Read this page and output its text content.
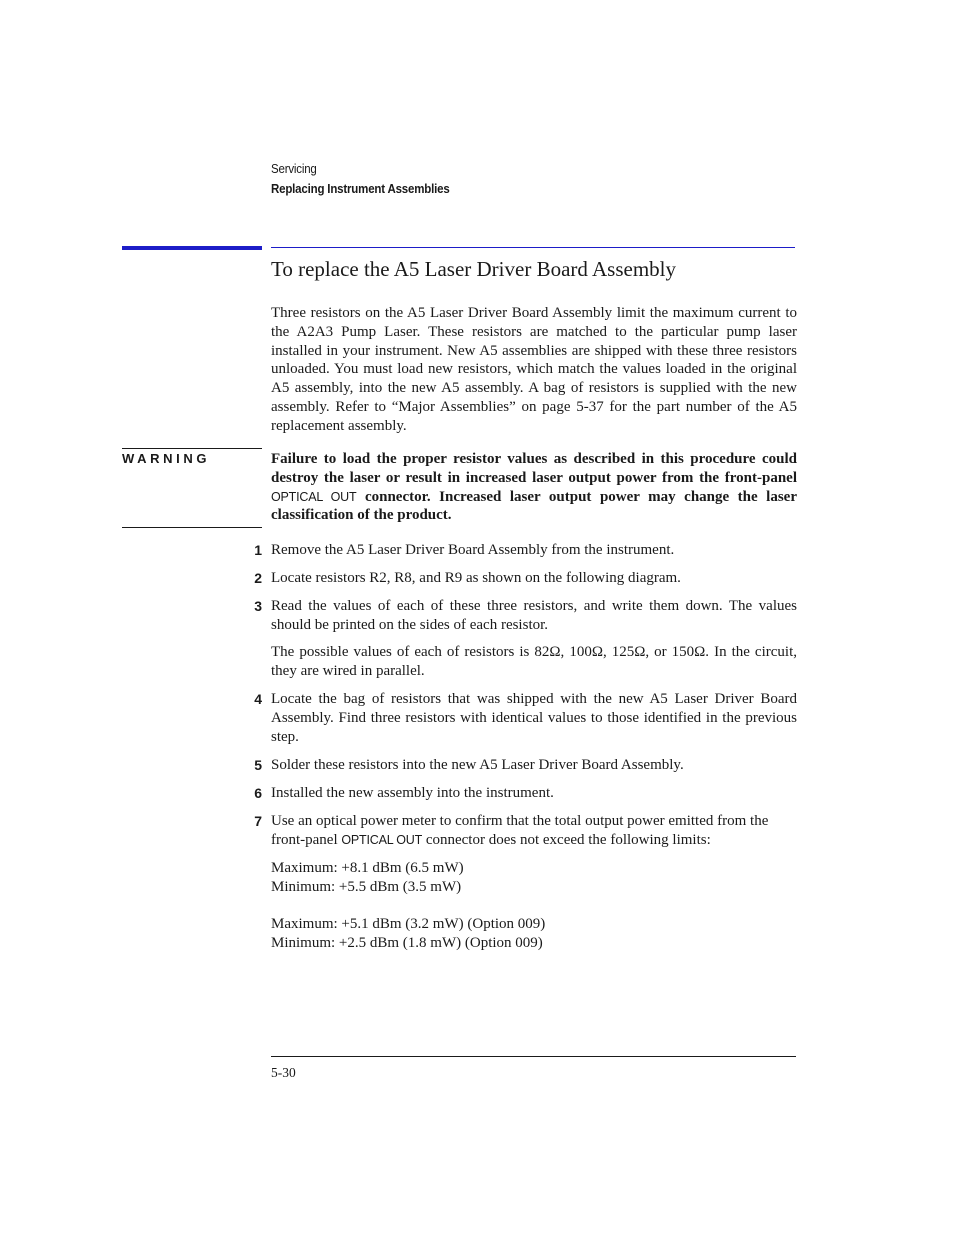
Servicing
Replacing Instrument Assemblies
To replace the A5 Laser Driver Board Assembly

Three resistors on the A5 Laser Driver Board Assembly limit the maximum current to the A2A3 Pump Laser. These resistors are matched to the particular pump laser installed in your instrument. New A5 assemblies are shipped with these three resistors unloaded. You must load new resistors, which match the values loaded in the original A5 assembly, into the new A5 assembly. A bag of resistors is supplied with the new assembly. Refer to “Major Assemblies” on page 5-37 for the part number of the A5 replacement assembly.

WARNING	Failure to load the proper resistor values as described in this procedure could destroy the laser or result in increased laser output power from the front-panel OPTICAL OUT connector. Increased laser output power may change the laser classification of the product.

1 Remove the A5 Laser Driver Board Assembly from the instrument.

2 Locate resistors R2, R8, and R9 as shown on the following diagram.

3 Read the values of each of these three resistors, and write them down. The values should be printed on the sides of each resistor.

The possible values of each of resistors is 82Ω, 100Ω, 125Ω, or 150Ω. In the circuit, they are wired in parallel.

4 Locate the bag of resistors that was shipped with the new A5 Laser Driver Board Assembly. Find three resistors with identical values to those identified in the previous step.

5 Solder these resistors into the new A5 Laser Driver Board Assembly.

6 Installed the new assembly into the instrument.

7 Use an optical power meter to confirm that the total output power emitted from the front-panel OPTICAL OUT connector does not exceed the following limits:

Maximum: +8.1 dBm (6.5 mW)
Minimum: +5.5 dBm (3.5 mW)
Maximum: +5.1 dBm (3.2 mW) (Option 009)
Minimum: +2.5 dBm (1.8 mW) (Option 009)
5-30
